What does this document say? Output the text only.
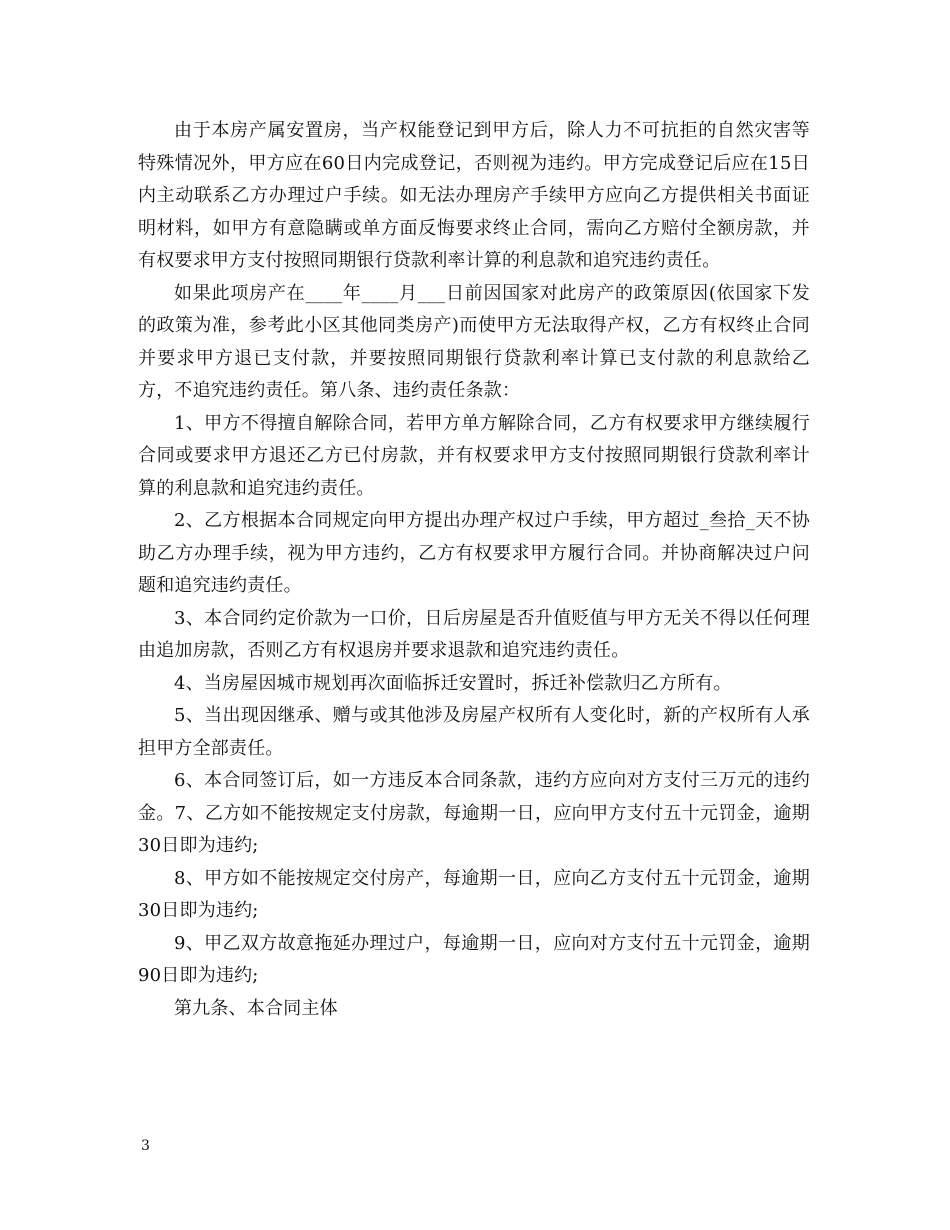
由于本房产属安置房，当产权能登记到甲方后，除人力不可抗拒的自然灾害等特殊情况外，甲方应在60日内完成登记，否则视为违约。甲方完成登记后应在15日内主动联系乙方办理过户手续。如无法办理房产手续甲方应向乙方提供相关书面证明材料，如甲方有意隐瞒或单方面反悔要求终止合同，需向乙方赔付全额房款，并有权要求甲方支付按照同期银行贷款利率计算的利息款和追究违约责任。

如果此项房产在____年____月___日前因国家对此房产的政策原因(依国家下发的政策为准，参考此小区其他同类房产)而使甲方无法取得产权，乙方有权终止合同并要求甲方退已支付款，并要按照同期银行贷款利率计算已支付款的利息款给乙方，不追究违约责任。第八条、违约责任条款：

1、甲方不得擅自解除合同，若甲方单方解除合同，乙方有权要求甲方继续履行合同或要求甲方退还乙方已付房款，并有权要求甲方支付按照同期银行贷款利率计算的利息款和追究违约责任。

2、乙方根据本合同规定向甲方提出办理产权过户手续，甲方超过_叁拾_天不协助乙方办理手续，视为甲方违约，乙方有权要求甲方履行合同。并协商解决过户问题和追究违约责任。

3、本合同约定价款为一口价，日后房屋是否升值贬值与甲方无关不得以任何理由追加房款，否则乙方有权退房并要求退款和追究违约责任。

4、当房屋因城市规划再次面临拆迁安置时，拆迁补偿款归乙方所有。

5、当出现因继承、赠与或其他涉及房屋产权所有人变化时，新的产权所有人承担甲方全部责任。

6、本合同签订后，如一方违反本合同条款，违约方应向对方支付三万元的违约金。7、乙方如不能按规定支付房款，每逾期一日，应向甲方支付五十元罚金，逾期30日即为违约;

8、甲方如不能按规定交付房产，每逾期一日，应向乙方支付五十元罚金，逾期30日即为违约;

9、甲乙双方故意拖延办理过户，每逾期一日，应向对方支付五十元罚金，逾期90日即为违约;

第九条、本合同主体

3
